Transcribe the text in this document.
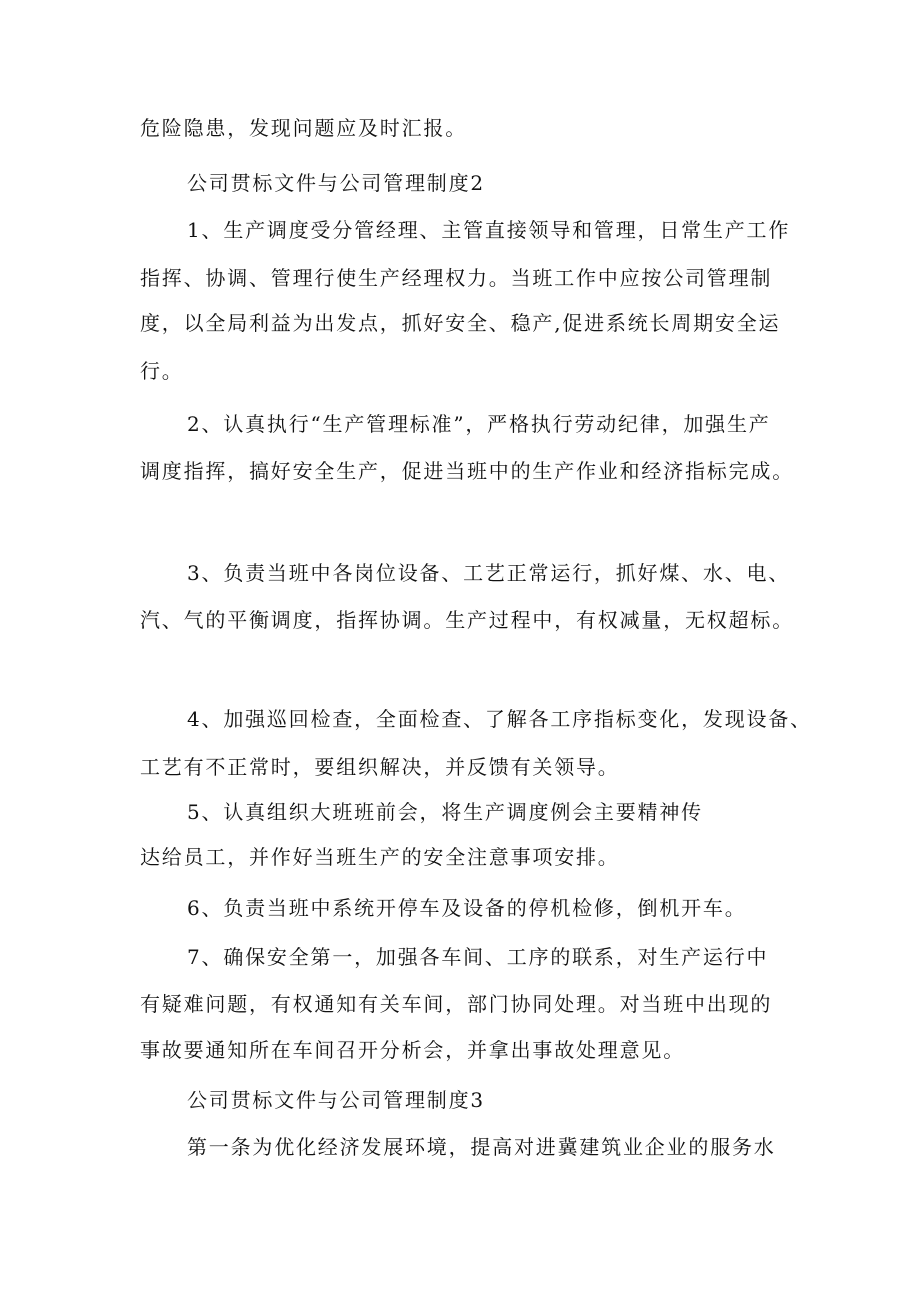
危险隐患，发现问题应及时汇报。
公司贯标文件与公司管理制度2
1、生产调度受分管经理、主管直接领导和管理，日常生产工作
指挥、协调、管理行使生产经理权力。当班工作中应按公司管理制
度，以全局利益为出发点，抓好安全、稳产,促进系统长周期安全运
行。
2、认真执行“生产管理标准”，严格执行劳动纪律，加强生产
调度指挥，搞好安全生产，促进当班中的生产作业和经济指标完成。
3、负责当班中各岗位设备、工艺正常运行，抓好煤、水、电、
汽、气的平衡调度，指挥协调。生产过程中，有权减量，无权超标。
4、加强巡回检查，全面检查、了解各工序指标变化，发现设备、
工艺有不正常时，要组织解决，并反馈有关领导。
5、认真组织大班班前会，将生产调度例会主要精神传
达给员工，并作好当班生产的安全注意事项安排。
6、负责当班中系统开停车及设备的停机检修，倒机开车。
7、确保安全第一，加强各车间、工序的联系，对生产运行中
有疑难问题，有权通知有关车间，部门协同处理。对当班中出现的
事故要通知所在车间召开分析会，并拿出事故处理意见。
公司贯标文件与公司管理制度3
第一条为优化经济发展环境，提高对进冀建筑业企业的服务水
